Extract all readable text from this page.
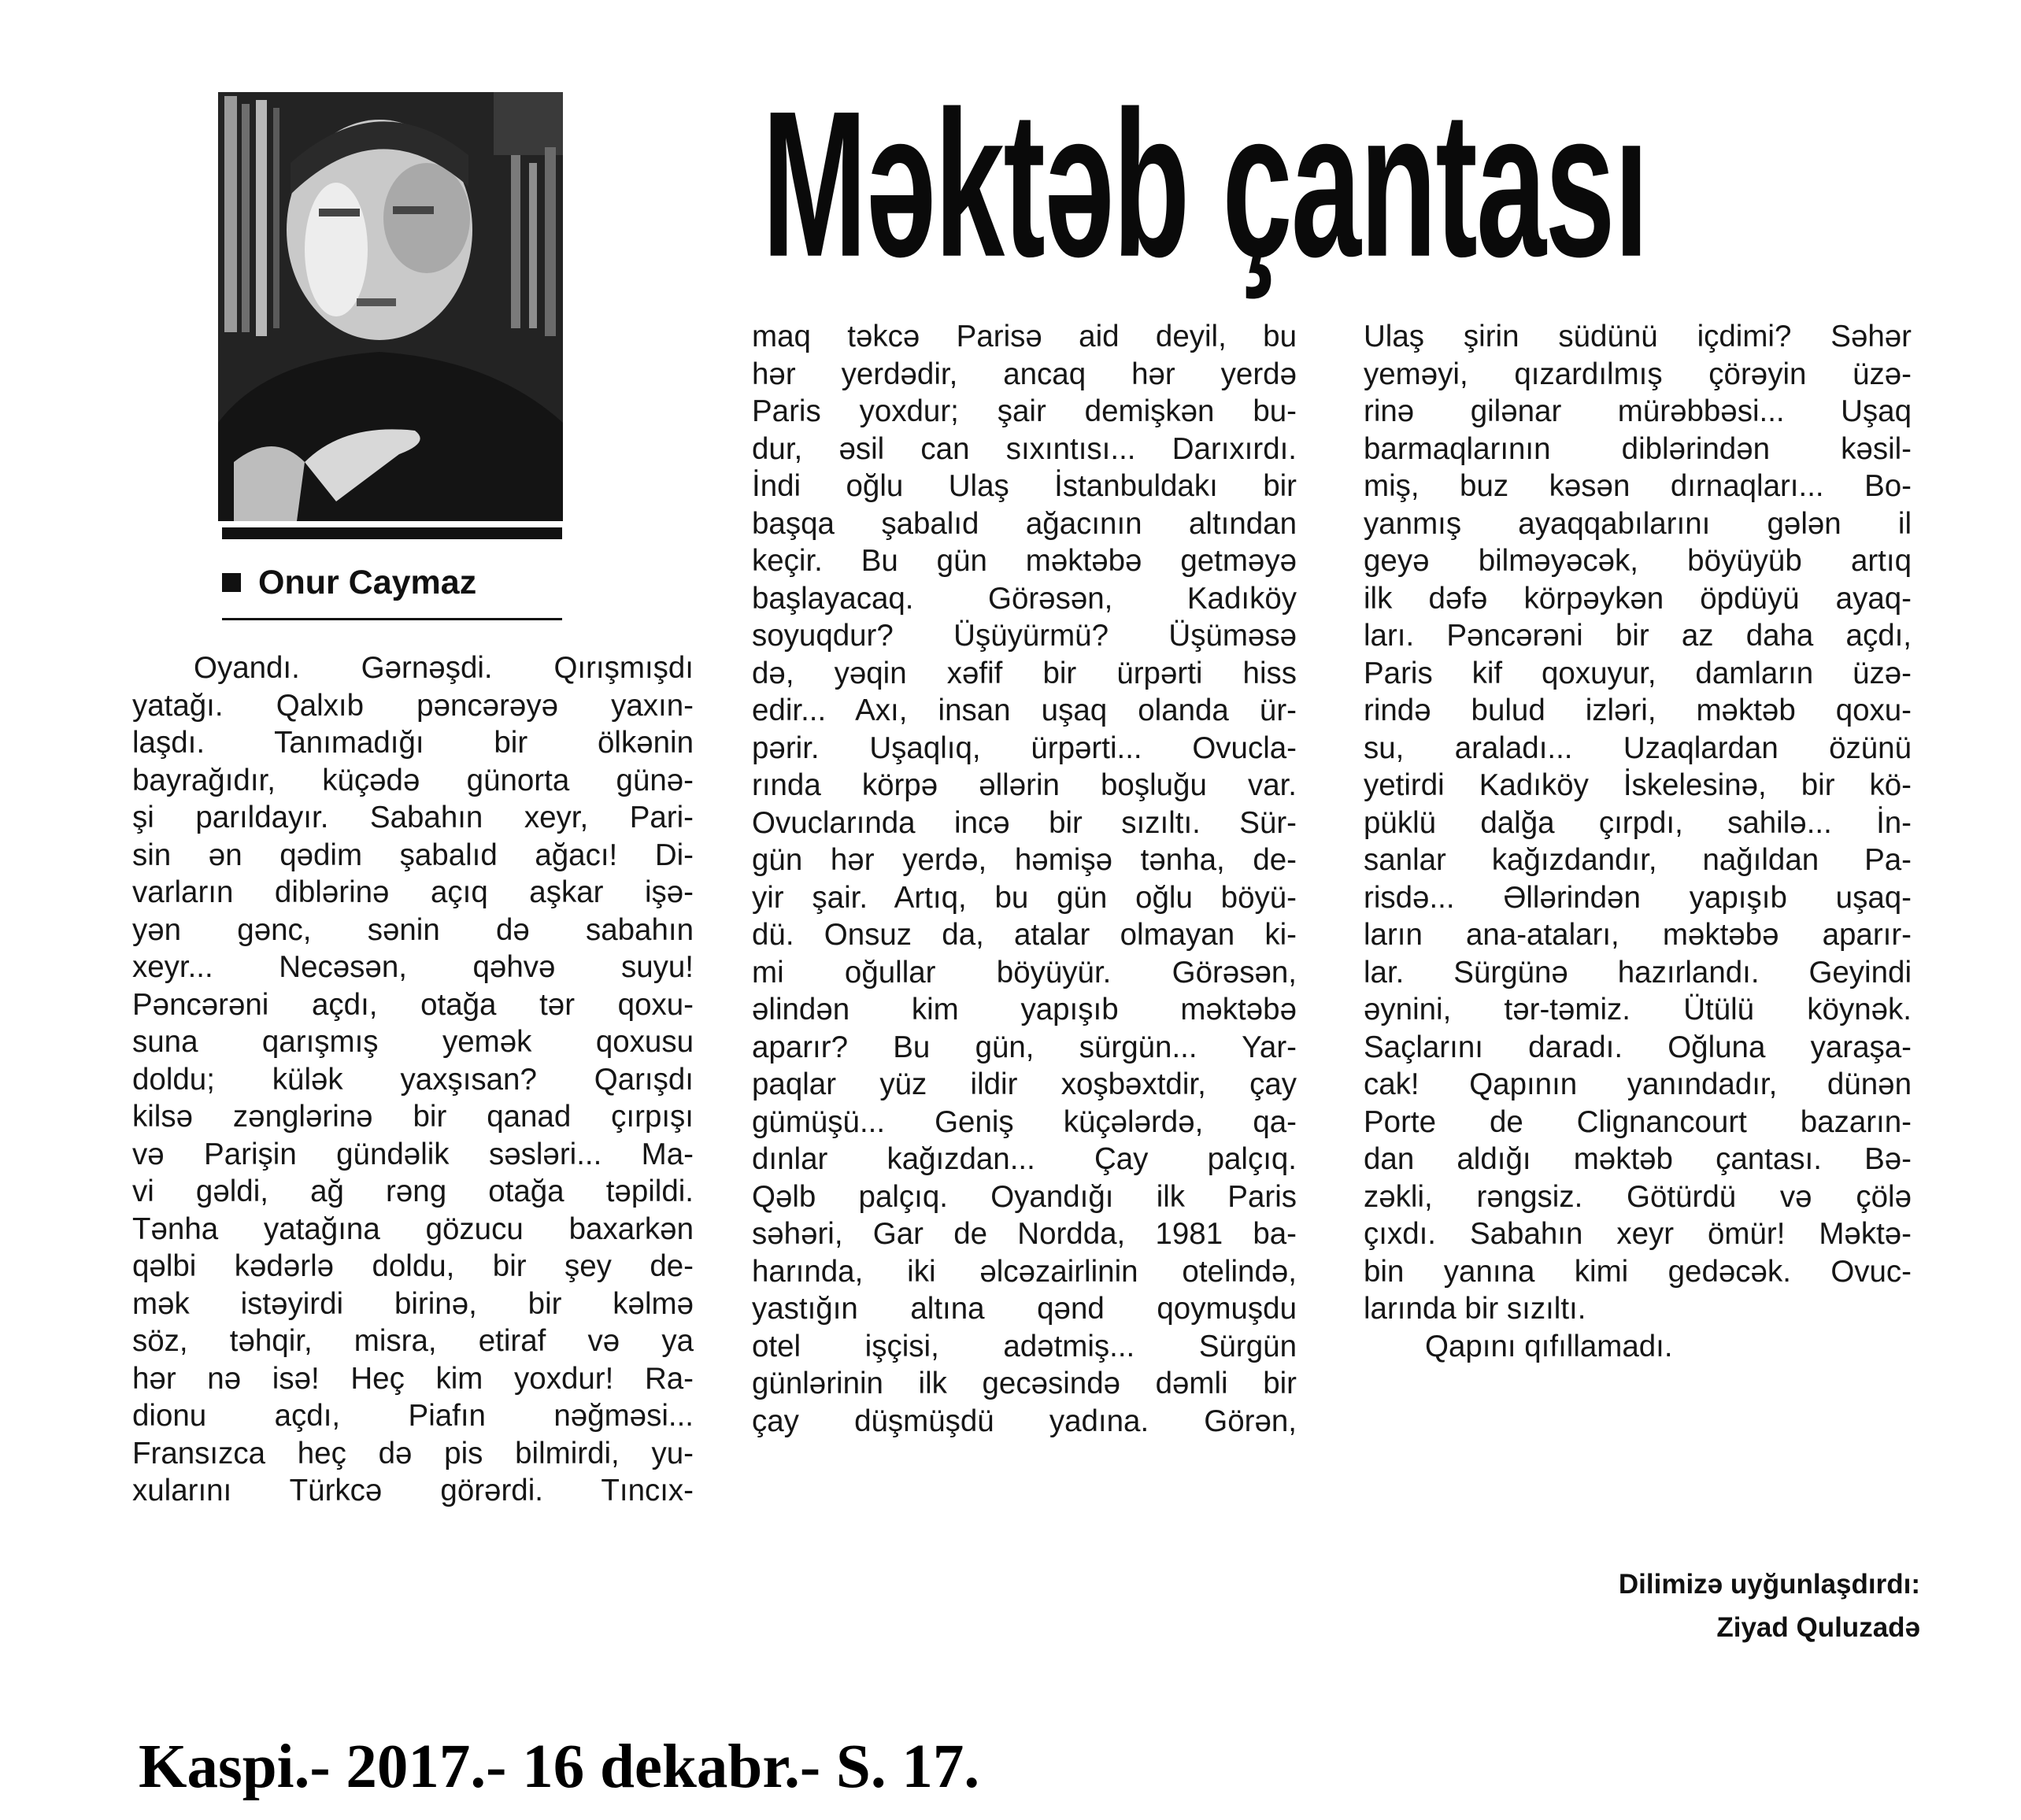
Onur Caymaz
Məktəb çantası
Oyandı. Gərnəşdi. Qırışmışdı
yatağı. Qalxıb pəncərəyə yaxın-
laşdı. Tanımadığı bir ölkənin
bayrağıdır, küçədə günorta günə-
şi parıldayır. Sabahın xeyr, Pari-
sin ən qədim şabalıd ağacı! Di-
varların diblərinə açıq aşkar işə-
yən gənc, sənin də sabahın
xeyr... Necəsən, qəhvə suyu!
Pəncərəni açdı, otağa tər qoxu-
suna qarışmış yemək qoxusu
doldu; külək yaxşısan? Qarışdı
kilsə zənglərinə bir qanad çırpışı
və Parişin gündəlik səsləri... Ma-
vi gəldi, ağ rəng otağa təpildi.
Tənha yatağına gözucu baxarkən
qəlbi kədərlə doldu, bir şey de-
mək istəyirdi birinə, bir kəlmə
söz, təhqir, misra, etiraf və ya
hər nə isə! Heç kim yoxdur! Ra-
dionu açdı, Piafın nəğməsi...
Fransızca heç də pis bilmirdi, yu-
xularını Türkcə görərdi. Tıncıx-
maq təkcə Parisə aid deyil, bu
hər yerdədir, ancaq hər yerdə
Paris yoxdur; şair demişkən bu-
dur, əsil can sıxıntısı... Darıxırdı.
İndi oğlu Ulaş İstanbuldakı bir
başqa şabalıd ağacının altından
keçir. Bu gün məktəbə getməyə
başlayacaq. Görəsən, Kadıköy
soyuqdur? Üşüyürmü? Üşüməsə
də, yəqin xəfif bir ürpərti hiss
edir... Axı, insan uşaq olanda ür-
pərir. Uşaqlıq, ürpərti... Ovucla-
rında körpə əllərin boşluğu var.
Ovuclarında incə bir sızıltı. Sür-
gün hər yerdə, həmişə tənha, de-
yir şair. Artıq, bu gün oğlu böyü-
dü. Onsuz da, atalar olmayan ki-
mi oğullar böyüyür. Görəsən,
əlindən kim yapışıb məktəbə
aparır? Bu gün, sürgün... Yar-
paqlar yüz ildir xoşbəxtdir, çay
gümüşü... Geniş küçələrdə, qa-
dınlar kağızdan... Çay palçıq.
Qəlb palçıq. Oyandığı ilk Paris
səhəri, Gar de Nordda, 1981 ba-
harında, iki əlcəzairlinin otelində,
yastığın altına qənd qoymuşdu
otel işçisi, adətmiş... Sürgün
günlərinin ilk gecəsində dəmli bir
çay düşmüşdü yadına. Görən,
Ulaş şirin südünü içdimi? Səhər
yeməyi, qızardılmış çörəyin üzə-
rinə gilənar mürəbbəsi... Uşaq
barmaqlarının diblərindən kəsil-
miş, buz kəsən dırnaqları... Bo-
yanmış ayaqqabılarını gələn il
geyə bilməyəcək, böyüyüb artıq
ilk dəfə körpəykən öpdüyü ayaq-
ları. Pəncərəni bir az daha açdı,
Paris kif qoxuyur, damların üzə-
rində bulud izləri, məktəb qoxu-
su, araladı... Uzaqlardan özünü
yetirdi Kadıköy İskelesinə, bir kö-
püklü dalğa çırpdı, sahilə... İn-
sanlar kağızdandır, nağıldan Pa-
risdə... Əllərindən yapışıb uşaq-
ların ana-ataları, məktəbə aparır-
lar. Sürgünə hazırlandı. Geyindi
əynini, tər-təmiz. Ütülü köynək.
Saçlarını daradı. Oğluna yaraşa-
cak! Qapının yanındadır, dünən
Porte de Clignancourt bazarın-
dan aldığı məktəb çantası. Bə-
zəkli, rəngsiz. Götürdü və çölə
çıxdı. Sabahın xeyr ömür! Məktə-
bin yanına kimi gedəcək. Ovuc-
larında bir sızıltı.
Qapını qıfıllamadı.
Dilimizə uyğunlaşdırdı:
Ziyad Quluzadə
Kaspi.- 2017.- 16 dekabr.- S. 17.
